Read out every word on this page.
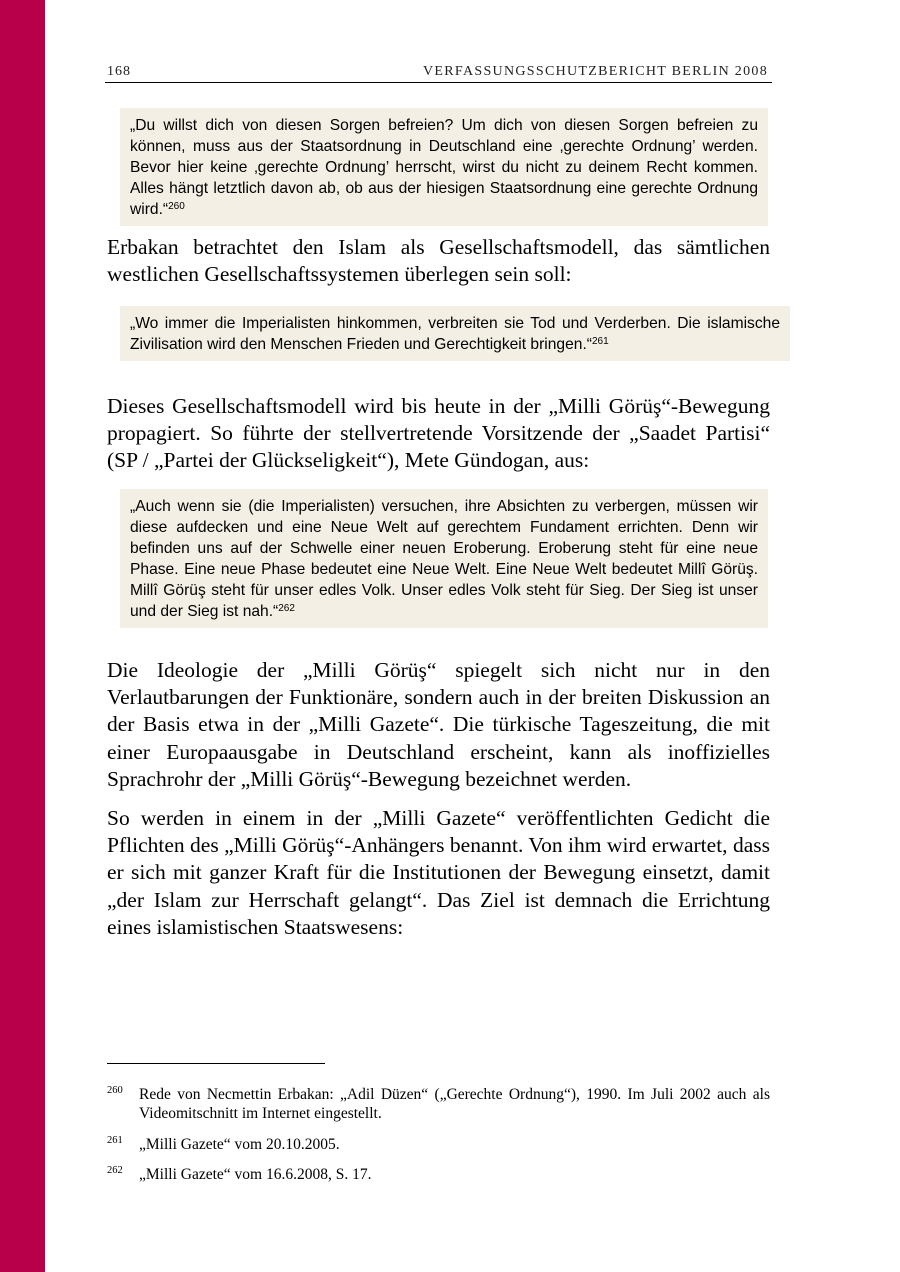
168	VERFASSUNGSSCHUTZBERICHT BERLIN 2008
„Du willst dich von diesen Sorgen befreien? Um dich von diesen Sorgen befreien zu können, muss aus der Staatsordnung in Deutschland eine ‚gerechte Ordnung’ werden. Bevor hier keine ‚gerechte Ordnung’ herrscht, wirst du nicht zu deinem Recht kommen. Alles hängt letztlich davon ab, ob aus der hiesigen Staatsordnung eine gerechte Ordnung wird.“$^{260}$

Erbakan betrachtet den Islam als Gesellschaftsmodell, das sämtlichen westlichen Gesellschaftssystemen überlegen sein soll:

„Wo immer die Imperialisten hinkommen, verbreiten sie Tod und Verderben. Die islamische Zivilisation wird den Menschen Frieden und Gerechtigkeit bringen.“$^{261}$

Dieses Gesellschaftsmodell wird bis heute in der „Milli Görüş“-Bewegung propagiert. So führte der stellvertretende Vorsitzende der „Saadet Partisi“ (SP / „Partei der Glückseligkeit“), Mete Gündogan, aus:

„Auch wenn sie (die Imperialisten) versuchen, ihre Absichten zu verbergen, müssen wir diese aufdecken und eine Neue Welt auf gerechtem Fundament errichten. Denn wir befinden uns auf der Schwelle einer neuen Eroberung. Eroberung steht für eine neue Phase. Eine neue Phase bedeutet eine Neue Welt. Eine Neue Welt bedeutet Millî Görüş. Millî Görüş steht für unser edles Volk. Unser edles Volk steht für Sieg. Der Sieg ist unser und der Sieg ist nah.“$^{262}$

Die Ideologie der „Milli Görüş“ spiegelt sich nicht nur in den Verlautbarungen der Funktionäre, sondern auch in der breiten Diskussion an der Basis etwa in der „Milli Gazete“. Die türkische Tageszeitung, die mit einer Europaausgabe in Deutschland erscheint, kann als inoffizielles Sprachrohr der „Milli Görüş“-Bewegung bezeichnet werden.

So werden in einem in der „Milli Gazete“ veröffentlichten Gedicht die Pflichten des „Milli Görüş“-Anhängers benannt. Von ihm wird erwartet, dass er sich mit ganzer Kraft für die Institutionen der Bewegung einsetzt, damit „der Islam zur Herrschaft gelangt“. Das Ziel ist demnach die Errichtung eines islamistischen Staatswesens:

260 Rede von Necmettin Erbakan: „Adil Düzen“ („Gerechte Ordnung“), 1990. Im Juli 2002 auch als Videomitschnitt im Internet eingestellt.
261 „Milli Gazete“ vom 20.10.2005.
262 „Milli Gazete“ vom 16.6.2008, S. 17.
